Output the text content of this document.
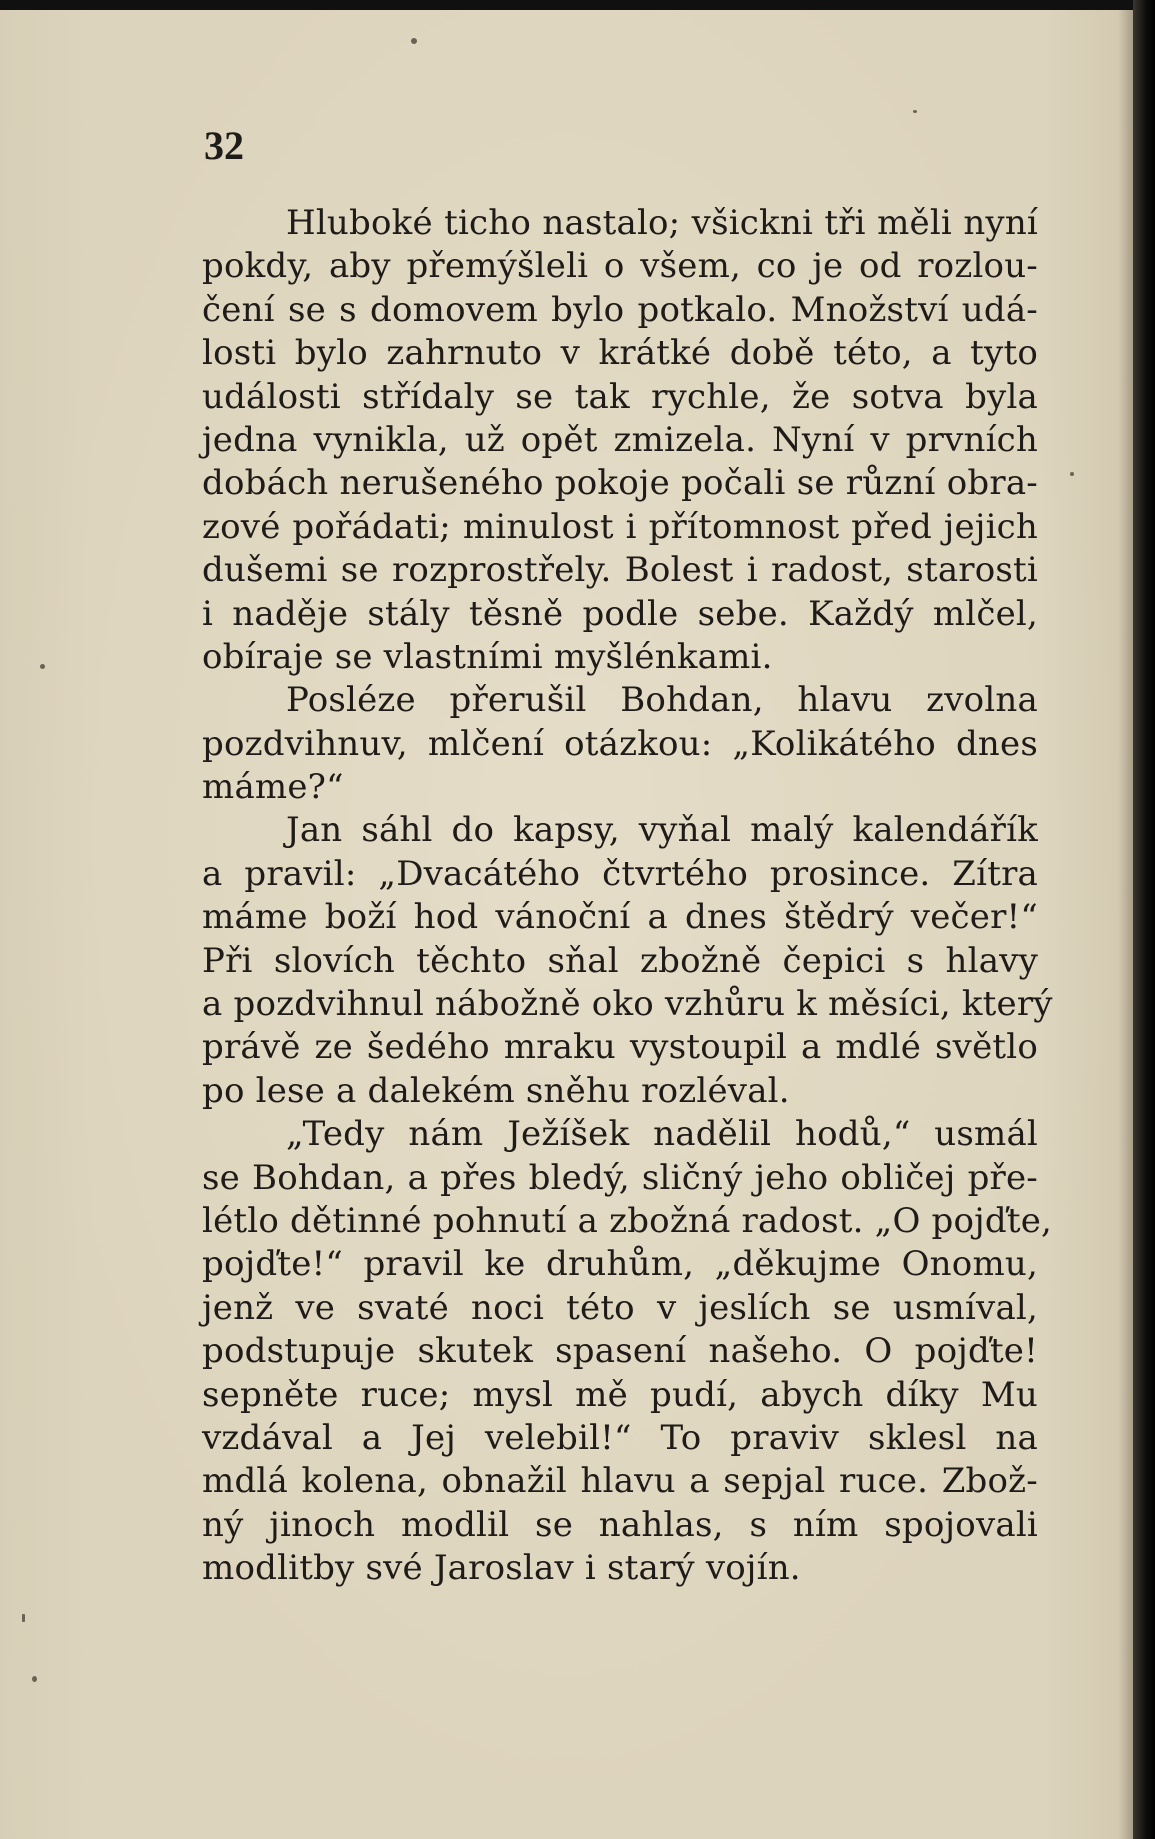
32
Hluboké ticho nastalo; všickni tři měli nyní
pokdy, aby přemýšleli o všem, co je od rozlou-
čení se s domovem bylo potkalo. Množství udá-
losti bylo zahrnuto v krátké době této, a tyto
události střídaly se tak rychle, že sotva byla
jedna vynikla, už opět zmizela. Nyní v prvních
dobách nerušeného pokoje počali se různí obra-
zové pořádati; minulost i přítomnost před jejich
dušemi se rozprostřely. Bolest i radost, starosti
i naděje stály těsně podle sebe. Každý mlčel,
obíraje se vlastními myšlénkami.
Posléze přerušil Bohdan, hlavu zvolna
pozdvihnuv, mlčení otázkou: „Kolikátého dnes
máme?“
Jan sáhl do kapsy, vyňal malý kalendářík
a pravil: „Dvacátého čtvrtého prosince. Zítra
máme boží hod vánoční a dnes štědrý večer!“
Při slovích těchto sňal zbožně čepici s hlavy
a pozdvihnul nábožně oko vzhůru k měsíci, který
právě ze šedého mraku vystoupil a mdlé světlo
po lese a dalekém sněhu rozléval.
„Tedy nám Ježíšek nadělil hodů,“ usmál
se Bohdan, a přes bledý, sličný jeho obličej pře-
létlo dětinné pohnutí a zbožná radost. „O pojďte,
pojďte!“ pravil ke druhům, „děkujme Onomu,
jenž ve svaté noci této v jeslích se usmíval,
podstupuje skutek spasení našeho. O pojďte!
sepněte ruce; mysl mě pudí, abych díky Mu
vzdával a Jej velebil!“ To praviv sklesl na
mdlá kolena, obnažil hlavu a sepjal ruce. Zbož-
ný jinoch modlil se nahlas, s ním spojovali
modlitby své Jaroslav i starý vojín.
